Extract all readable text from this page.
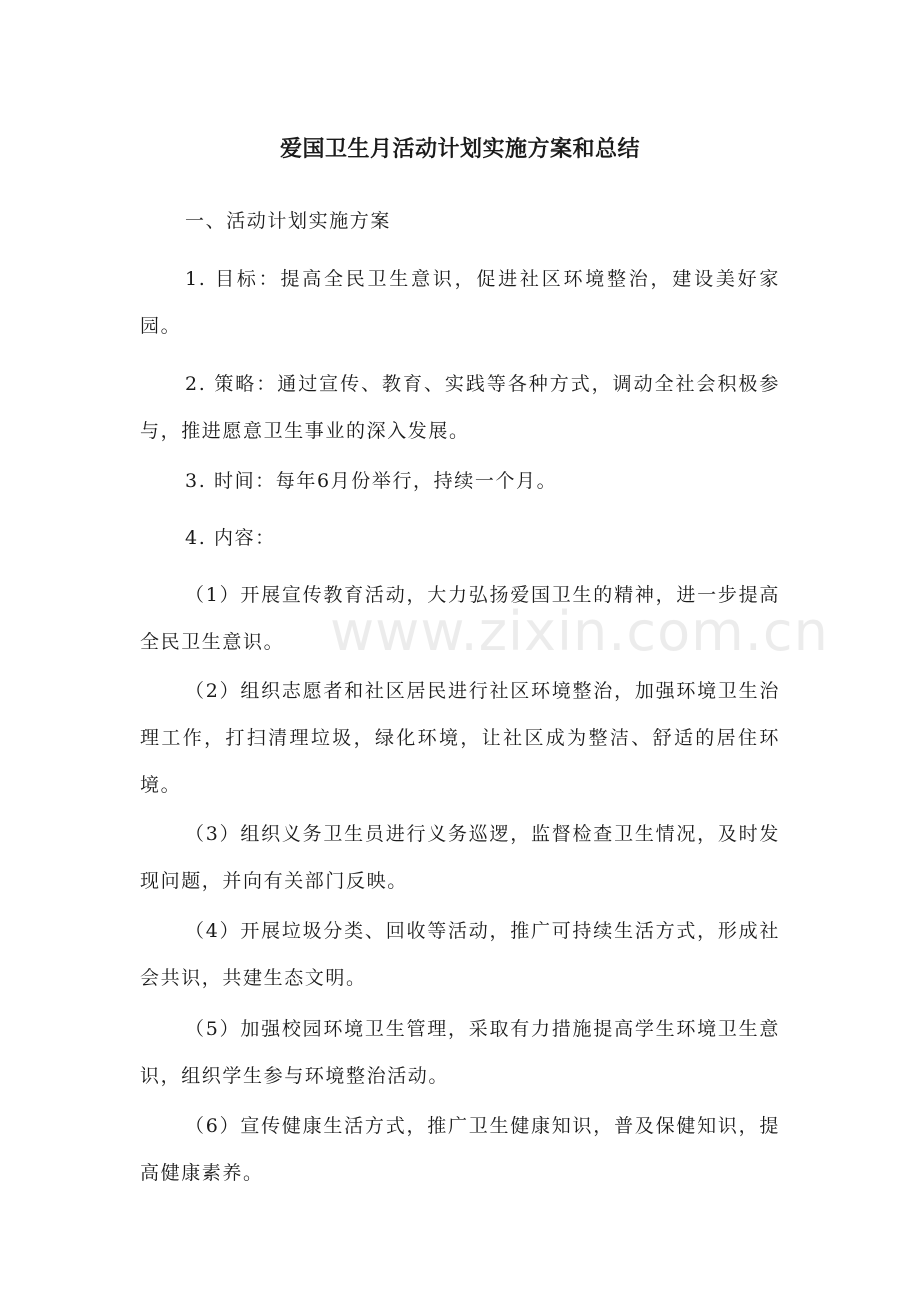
爱国卫生月活动计划实施方案和总结

一、活动计划实施方案

1. 目标：提高全民卫生意识，促进社区环境整治，建设美好家园。

2. 策略：通过宣传、教育、实践等各种方式，调动全社会积极参与，推进愿意卫生事业的深入发展。

3. 时间：每年6月份举行，持续一个月。

4. 内容：

（1）开展宣传教育活动，大力弘扬爱国卫生的精神，进一步提高全民卫生意识。

（2）组织志愿者和社区居民进行社区环境整治，加强环境卫生治理工作，打扫清理垃圾，绿化环境，让社区成为整洁、舒适的居住环境。

（3）组织义务卫生员进行义务巡逻，监督检查卫生情况，及时发现问题，并向有关部门反映。

（4）开展垃圾分类、回收等活动，推广可持续生活方式，形成社会共识，共建生态文明。

（5）加强校园环境卫生管理，采取有力措施提高学生环境卫生意识，组织学生参与环境整治活动。

（6）宣传健康生活方式，推广卫生健康知识，普及保健知识，提高健康素养。

www.zixin.com.cn
